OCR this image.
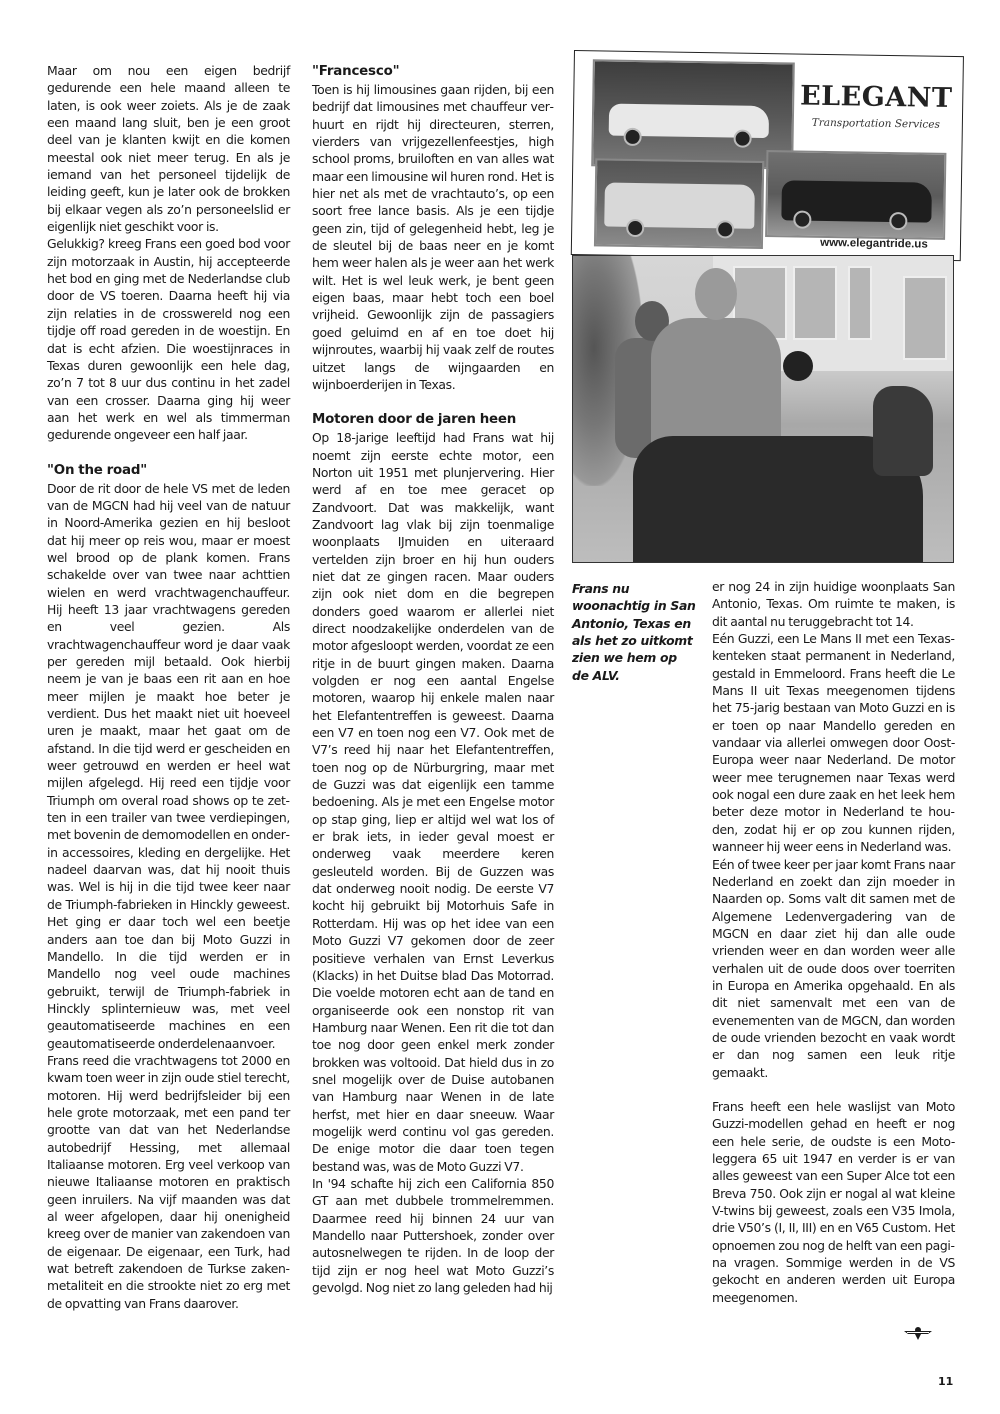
Maar om nou een eigen bedrijf gedurende een hele maand alleen te laten, is ook weer zoiets. Als je de zaak een maand lang sluit, ben je een groot deel van je klanten kwijt en die komen meestal ook niet meer terug. En als je iemand van het personeel tijdelijk de leiding geeft, kun je later ook de brokken bij elkaar vegen als zo’n personeelslid er eigenlijk niet geschikt voor is.

Gelukkig? kreeg Frans een goed bod voor zijn motorzaak in Austin, hij accepteerde het bod en ging met de Nederlandse club door de VS toeren. Daarna heeft hij via zijn relaties in de crosswereld nog een tijdje off road gereden in de woestijn. En dat is echt afzien. Die woestijnraces in Texas duren gewoonlijk een hele dag, zo’n 7 tot 8 uur dus continu in het zadel van een crosser. Daarna ging hij weer aan het werk en wel als timmerman gedurende ongeveer een half jaar.

"On the road"

Door de rit door de hele VS met de leden van de MGCN had hij veel van de natuur in Noord-Amerika gezien en hij besloot dat hij meer op reis wou, maar er moest wel brood op de plank komen. Frans schakelde over van twee naar achttien wielen en werd vrachtwagenchauffeur. Hij heeft 13 jaar vrachtwagens gereden en veel gezien. Als vrachtwagenchauffeur word je daar vaak per gereden mijl betaald. Ook hierbij neem je van je baas een rit aan en hoe meer mijlen je maakt hoe beter je verdient. Dus het maakt niet uit hoeveel uren je maakt, maar het gaat om de afstand. In die tijd werd er gescheiden en weer getrouwd en werden er heel wat mijlen afgelegd. Hij reed een tijdje voor Triumph om overal road shows op te zetten in een trailer van twee verdiepingen, met bovenin de demomodellen en onderin accessoires, kleding en dergelijke. Het nadeel daarvan was, dat hij nooit thuis was. Wel is hij in die tijd twee keer naar de Triumph-fabrieken in Hinckly geweest. Het ging er daar toch wel een beetje anders aan toe dan bij Moto Guzzi in Mandello. In die tijd werden er in Mandello nog veel oude machines gebruikt, terwijl de Triumph-fabriek in Hinckly splinternieuw was, met veel geautomatiseerde machines en een geautomatiseerde onderdelenaanvoer.

Frans reed die vrachtwagens tot 2000 en kwam toen weer in zijn oude stiel terecht, motoren. Hij werd bedrijfsleider bij een hele grote motorzaak, met een pand ter grootte van dat van het Nederlandse autobedrijf Hessing, met allemaal Italiaanse motoren. Erg veel verkoop van nieuwe Italiaanse motoren en praktisch geen inruilers. Na vijf maanden was dat al weer afgelopen, daar hij onenigheid kreeg over de manier van zakendoen van de eigenaar. De eigenaar, een Turk, had wat betreft zakendoen de Turkse zakenmetaliteit en die strookte niet zo erg met de opvatting van Frans daarover.

"Francesco"

Toen is hij limousines gaan rijden, bij een bedrijf dat limousines met chauffeur verhuurt en rijdt hij directeuren, sterren, vierders van vrijgezellenfeestjes, high school proms, bruiloften en van alles wat maar een limousine wil huren rond. Het is hier net als met de vrachtauto’s, op een soort free lance basis. Als je een tijdje geen zin, tijd of gelegenheid hebt, leg je de sleutel bij de baas neer en je komt hem weer halen als je weer aan het werk wilt. Het is wel leuk werk, je bent geen eigen baas, maar hebt toch een boel vrijheid. Gewoonlijk zijn de passagiers goed geluimd en af en toe doet hij wijnroutes, waarbij hij vaak zelf de routes uitzet langs de wijngaarden en wijnboerderijen in Texas.

Motoren door de jaren heen

Op 18-jarige leeftijd had Frans wat hij noemt zijn eerste echte motor, een Norton uit 1951 met plunjervering. Hier werd af en toe mee geracet op Zandvoort. Dat was makkelijk, want Zandvoort lag vlak bij zijn toenmalige woonplaats IJmuiden en uiteraard vertelden zijn broer en hij hun ouders niet dat ze gingen racen. Maar ouders zijn ook niet dom en die begrepen donders goed waarom er allerlei niet direct noodzakelijke onderdelen van de motor afgesloopt werden, voordat ze een ritje in de buurt gingen maken. Daarna volgden er nog een aantal Engelse motoren, waarop hij enkele malen naar het Elefantentreffen is geweest. Daarna een V7 en toen nog een V7. Ook met de V7’s reed hij naar het Elefantentreffen, toen nog op de Nürburgring, maar met de Guzzi was dat eigenlijk een tamme bedoening. Als je met een Engelse motor op stap ging, liep er altijd wel wat los of er brak iets, in ieder geval moest er onderweg vaak meerdere keren gesleuteld worden. Bij de Guzzen was dat onderweg nooit nodig. De eerste V7 kocht hij gebruikt bij Motorhuis Safe in Rotterdam. Hij was op het idee van een Moto Guzzi V7 gekomen door de zeer positieve verhalen van Ernst Leverkus (Klacks) in het Duitse blad Das Motorrad. Die voelde motoren echt aan de tand en organiseerde ook een nonstop rit van Hamburg naar Wenen. Een rit die tot dan toe nog door geen enkel merk zonder brokken was voltooid. Dat hield dus in zo snel mogelijk over de Duise autobanen van Hamburg naar Wenen in de late herfst, met hier en daar sneeuw. Waar mogelijk werd continu vol gas gereden. De enige motor die daar toen tegen bestand was, was de Moto Guzzi V7.

In '94 schafte hij zich een California 850 GT aan met dubbele trommelremmen. Daarmee reed hij binnen 24 uur van Mandello naar Puttershoek, zonder over autosnelwegen te rijden. In de loop der tijd zijn er nog heel wat Moto Guzzi’s gevolgd. Nog niet zo lang geleden had hij

ELEGANT
Transportation Services
www.elegantride.us
Frans nu woonachtig in San Antonio, Texas en als het zo uitkomt zien we hem op de ALV.

er nog 24 in zijn huidige woonplaats San Antonio, Texas. Om ruimte te maken, is dit aantal nu teruggebracht tot 14.

Eén Guzzi, een Le Mans II met een Texaskenteken staat permanent in Nederland, gestald in Emmeloord. Frans heeft die Le Mans II uit Texas meegenomen tijdens het 75-jarig bestaan van Moto Guzzi en is er toen op naar Mandello gereden en vandaar via allerlei omwegen door Oost-Europa weer naar Nederland. De motor weer mee terugnemen naar Texas werd ook nogal een dure zaak en het leek hem beter deze motor in Nederland te houden, zodat hij er op zou kunnen rijden, wanneer hij weer eens in Nederland was.

Eén of twee keer per jaar komt Frans naar Nederland en zoekt dan zijn moeder in Naarden op. Soms valt dit samen met de Algemene Ledenvergadering van de MGCN en daar ziet hij dan alle oude vrienden weer en dan worden weer alle verhalen uit de oude doos over toerriten in Europa en Amerika opgehaald. En als dit niet samenvalt met een van de evenementen van de MGCN, dan worden de oude vrienden bezocht en vaak wordt er dan nog samen een leuk ritje gemaakt.

Frans heeft een hele waslijst van Moto Guzzi-modellen gehad en heeft er nog een hele serie, de oudste is een Moto-leggera 65 uit 1947 en verder is er van alles geweest van een Super Alce tot een Breva 750. Ook zijn er nogal al wat kleine V-twins bij geweest, zoals een V35 Imola, drie V50’s (I, II, III) en en V65 Custom. Het opnoemen zou nog de helft van een pagina vragen. Sommige werden in de VS gekocht en anderen werden uit Europa meegenomen.

11
